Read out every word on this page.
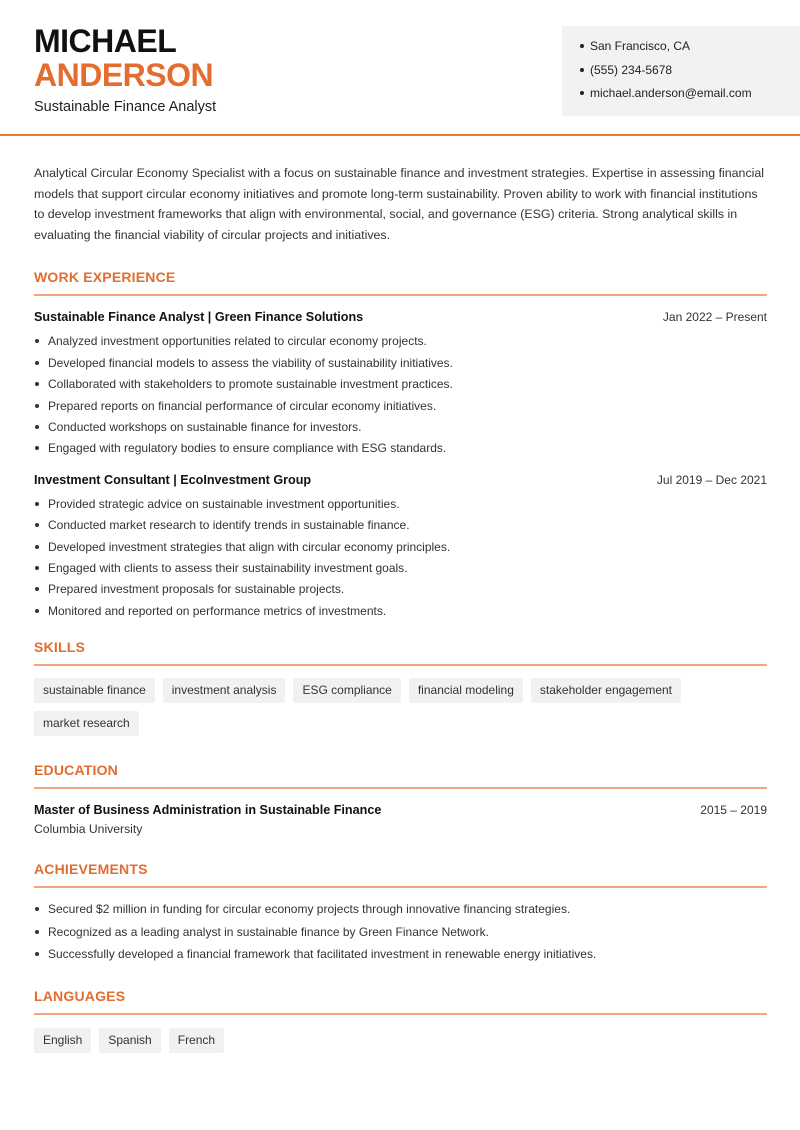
MICHAEL
ANDERSON
Sustainable Finance Analyst
San Francisco, CA
(555) 234-5678
michael.anderson@email.com

Analytical Circular Economy Specialist with a focus on sustainable finance and investment strategies. Expertise in assessing financial models that support circular economy initiatives and promote long-term sustainability. Proven ability to work with financial institutions to develop investment frameworks that align with environmental, social, and governance (ESG) criteria. Strong analytical skills in evaluating the financial viability of circular projects and initiatives.

WORK EXPERIENCE
Sustainable Finance Analyst | Green Finance Solutions	Jan 2022 – Present
Analyzed investment opportunities related to circular economy projects.
Developed financial models to assess the viability of sustainability initiatives.
Collaborated with stakeholders to promote sustainable investment practices.
Prepared reports on financial performance of circular economy initiatives.
Conducted workshops on sustainable finance for investors.
Engaged with regulatory bodies to ensure compliance with ESG standards.
Investment Consultant | EcoInvestment Group	Jul 2019 – Dec 2021
Provided strategic advice on sustainable investment opportunities.
Conducted market research to identify trends in sustainable finance.
Developed investment strategies that align with circular economy principles.
Engaged with clients to assess their sustainability investment goals.
Prepared investment proposals for sustainable projects.
Monitored and reported on performance metrics of investments.
SKILLS
sustainable finance	investment analysis	ESG compliance	financial modeling	stakeholder engagement
market research
EDUCATION
Master of Business Administration in Sustainable Finance	2015 – 2019
Columbia University
ACHIEVEMENTS
Secured $2 million in funding for circular economy projects through innovative financing strategies.
Recognized as a leading analyst in sustainable finance by Green Finance Network.
Successfully developed a financial framework that facilitated investment in renewable energy initiatives.
LANGUAGES
English	Spanish	French
